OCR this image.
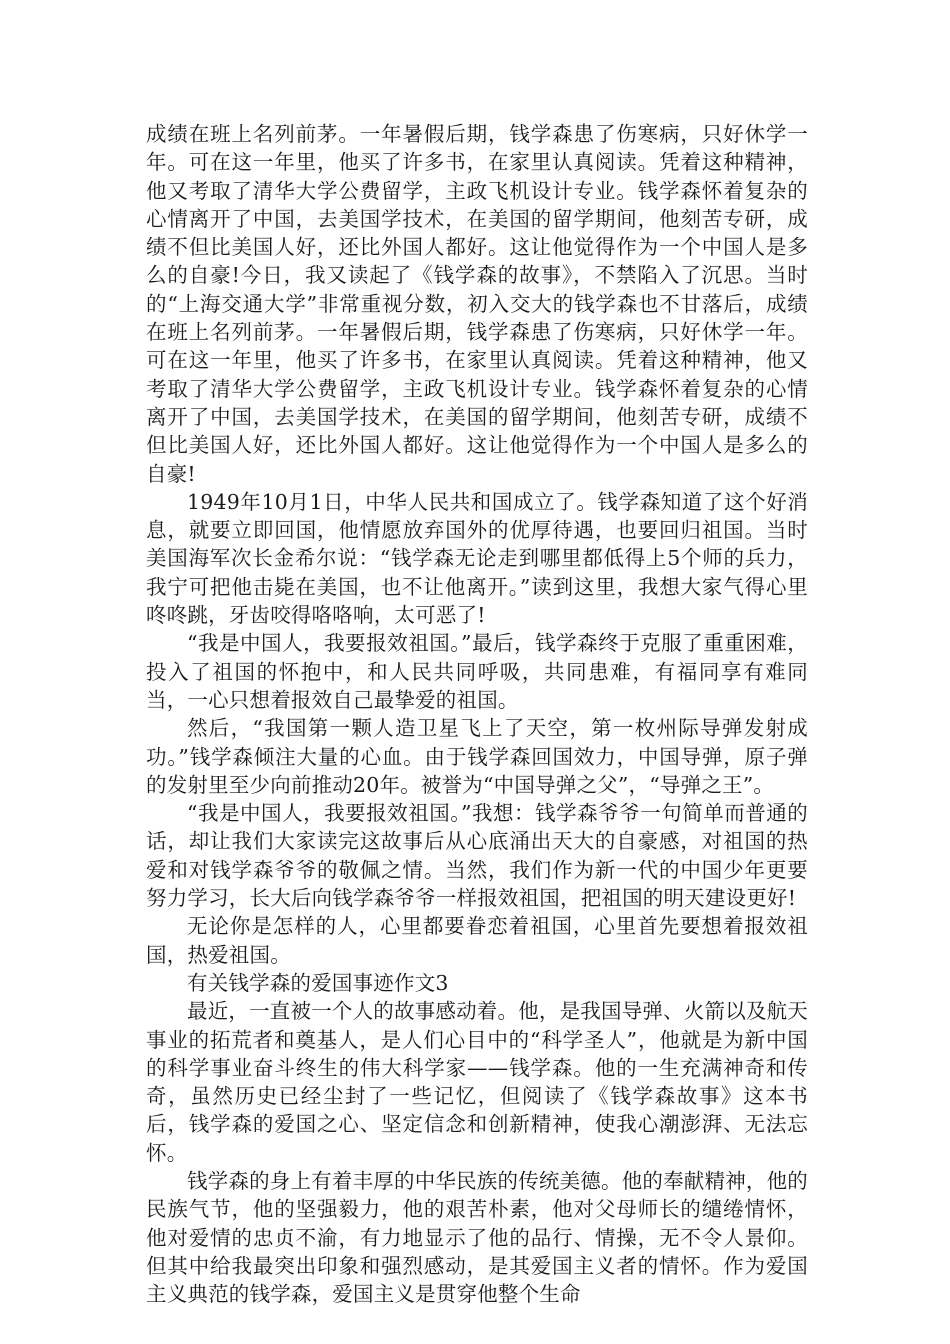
成绩在班上名列前茅。一年暑假后期，钱学森患了伤寒病，只好休学一年。可在这一年里，他买了许多书，在家里认真阅读。凭着这种精神，他又考取了清华大学公费留学，主政飞机设计专业。钱学森怀着复杂的心情离开了中国，去美国学技术，在美国的留学期间，他刻苦专研，成绩不但比美国人好，还比外国人都好。这让他觉得作为一个中国人是多么的自豪!今日，我又读起了《钱学森的故事》，不禁陷入了沉思。当时的“上海交通大学”非常重视分数，初入交大的钱学森也不甘落后，成绩在班上名列前茅。一年暑假后期，钱学森患了伤寒病，只好休学一年。可在这一年里，他买了许多书，在家里认真阅读。凭着这种精神，他又考取了清华大学公费留学，主政飞机设计专业。钱学森怀着复杂的心情离开了中国，去美国学技术，在美国的留学期间，他刻苦专研，成绩不但比美国人好，还比外国人都好。这让他觉得作为一个中国人是多么的自豪!

1949年10月1日，中华人民共和国成立了。钱学森知道了这个好消息，就要立即回国，他情愿放弃国外的优厚待遇，也要回归祖国。当时美国海军次长金希尔说：“钱学森无论走到哪里都低得上5个师的兵力，我宁可把他击毙在美国，也不让他离开。”读到这里，我想大家气得心里咚咚跳，牙齿咬得咯咯响，太可恶了!

“我是中国人，我要报效祖国。”最后，钱学森终于克服了重重困难，投入了祖国的怀抱中，和人民共同呼吸，共同患难，有福同享有难同当，一心只想着报效自己最挚爱的祖国。

然后，“我国第一颗人造卫星飞上了天空，第一枚州际导弹发射成功。”钱学森倾注大量的心血。由于钱学森回国效力，中国导弹，原子弹的发射里至少向前推动20年。被誉为“中国导弹之父”，“导弹之王”。

“我是中国人，我要报效祖国。”我想：钱学森爷爷一句简单而普通的话，却让我们大家读完这故事后从心底涌出天大的自豪感，对祖国的热爱和对钱学森爷爷的敬佩之情。当然，我们作为新一代的中国少年更要努力学习，长大后向钱学森爷爷一样报效祖国，把祖国的明天建设更好!

无论你是怎样的人，心里都要眷恋着祖国，心里首先要想着报效祖国，热爱祖国。

有关钱学森的爱国事迹作文3

最近，一直被一个人的故事感动着。他，是我国导弹、火箭以及航天事业的拓荒者和奠基人，是人们心目中的“科学圣人”，他就是为新中国的科学事业奋斗终生的伟大科学家——钱学森。他的一生充满神奇和传奇，虽然历史已经尘封了一些记忆，但阅读了《钱学森故事》这本书后，钱学森的爱国之心、坚定信念和创新精神，使我心潮澎湃、无法忘怀。

钱学森的身上有着丰厚的中华民族的传统美德。他的奉献精神，他的民族气节，他的坚强毅力，他的艰苦朴素，他对父母师长的缱绻情怀，他对爱情的忠贞不渝，有力地显示了他的品行、情操，无不令人景仰。但其中给我最突出印象和强烈感动，是其爱国主义者的情怀。作为爱国主义典范的钱学森，爱国主义是贯穿他整个生命
